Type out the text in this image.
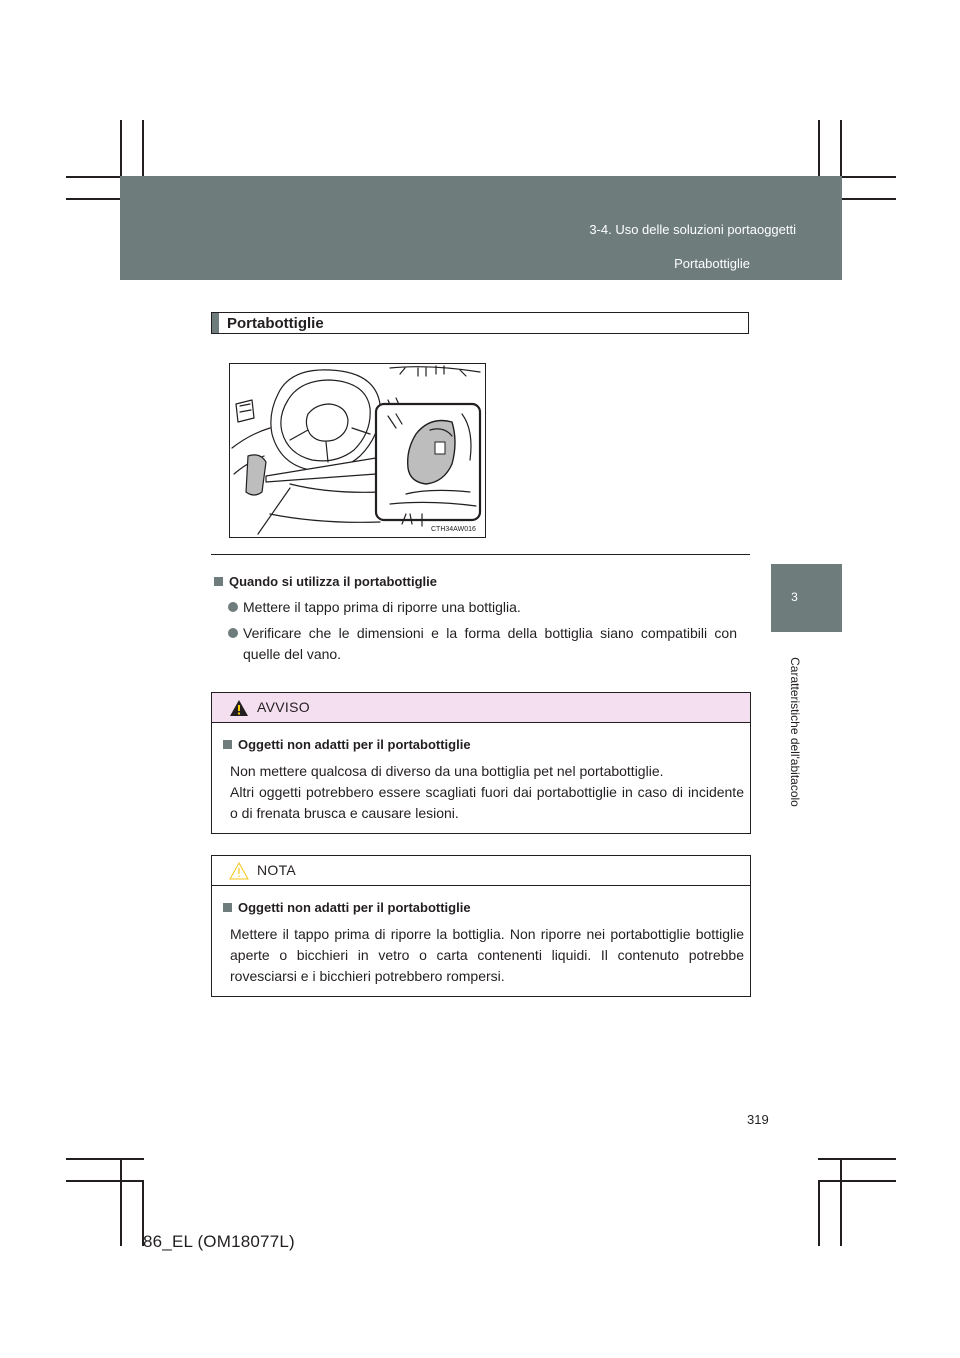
3-4. Uso delle soluzioni portaoggetti
Portabottiglie
3
Caratteristiche dell'abitacolo
Portabottiglie
CTH34AW016
Quando si utilizza il portabottiglie
Mettere il tappo prima di riporre una bottiglia.
Verificare che le dimensioni e la forma della bottiglia siano compatibili con quelle del vano.
AVVISO
Oggetti non adatti per il portabottiglie
Non mettere qualcosa di diverso da una bottiglia pet nel portabottiglie.
Altri oggetti potrebbero essere scagliati fuori dai portabottiglie in caso di incidente o di frenata brusca e causare lesioni.
NOTA
Oggetti non adatti per il portabottiglie
Mettere il tappo prima di riporre la bottiglia. Non riporre nei portabottiglie bottiglie aperte o bicchieri in vetro o carta contenenti liquidi. Il contenuto potrebbe rovesciarsi e i bicchieri potrebbero rompersi.
319
86_EL (OM18077L)
